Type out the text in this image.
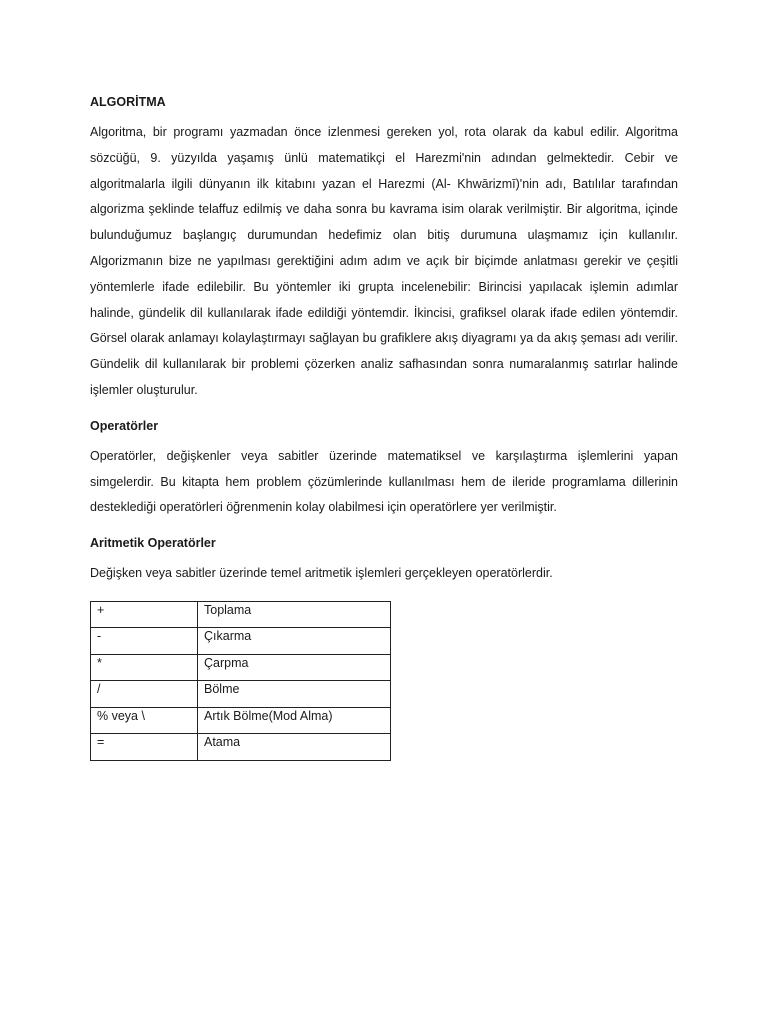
ALGORİTMA

Algoritma, bir programı yazmadan önce izlenmesi gereken yol, rota olarak da kabul edilir. Algoritma sözcüğü, 9. yüzyılda yaşamış ünlü matematikçi el Harezmi'nin adından gelmektedir. Cebir ve algoritmalarla ilgili dünyanın ilk kitabını yazan el Harezmi (Al- Khwārizmī)'nin adı, Batılılar tarafından algorizma şeklinde telaffuz edilmiş ve daha sonra bu kavrama isim olarak verilmiştir. Bir algoritma, içinde bulunduğumuz başlangıç durumundan hedefimiz olan bitiş durumuna ulaşmamız için kullanılır. Algorizmanın bize ne yapılması gerektiğini adım adım ve açık bir biçimde anlatması gerekir ve çeşitli yöntemlerle ifade edilebilir. Bu yöntemler iki grupta incelenebilir: Birincisi yapılacak işlemin adımlar halinde, gündelik dil kullanılarak ifade edildiği yöntemdir. İkincisi, grafiksel olarak ifade edilen yöntemdir. Görsel olarak anlamayı kolaylaştırmayı sağlayan bu grafiklere akış diyagramı ya da akış şeması adı verilir. Gündelik dil kullanılarak bir problemi çözerken analiz safhasından sonra numaralanmış satırlar halinde işlemler oluşturulur.

Operatörler

Operatörler, değişkenler veya sabitler üzerinde matematiksel ve karşılaştırma işlemlerini yapan simgelerdir. Bu kitapta hem problem çözümlerinde kullanılması hem de ileride programlama dillerinin desteklediği operatörleri öğrenmenin kolay olabilmesi için operatörlere yer verilmiştir.

Aritmetik Operatörler

Değişken veya sabitler üzerinde temel aritmetik işlemleri gerçekleyen operatörlerdir.

+	Toplama
-	Çıkarma
*	Çarpma
/	Bölme
% veya \	Artık Bölme(Mod Alma)
=	Atama
